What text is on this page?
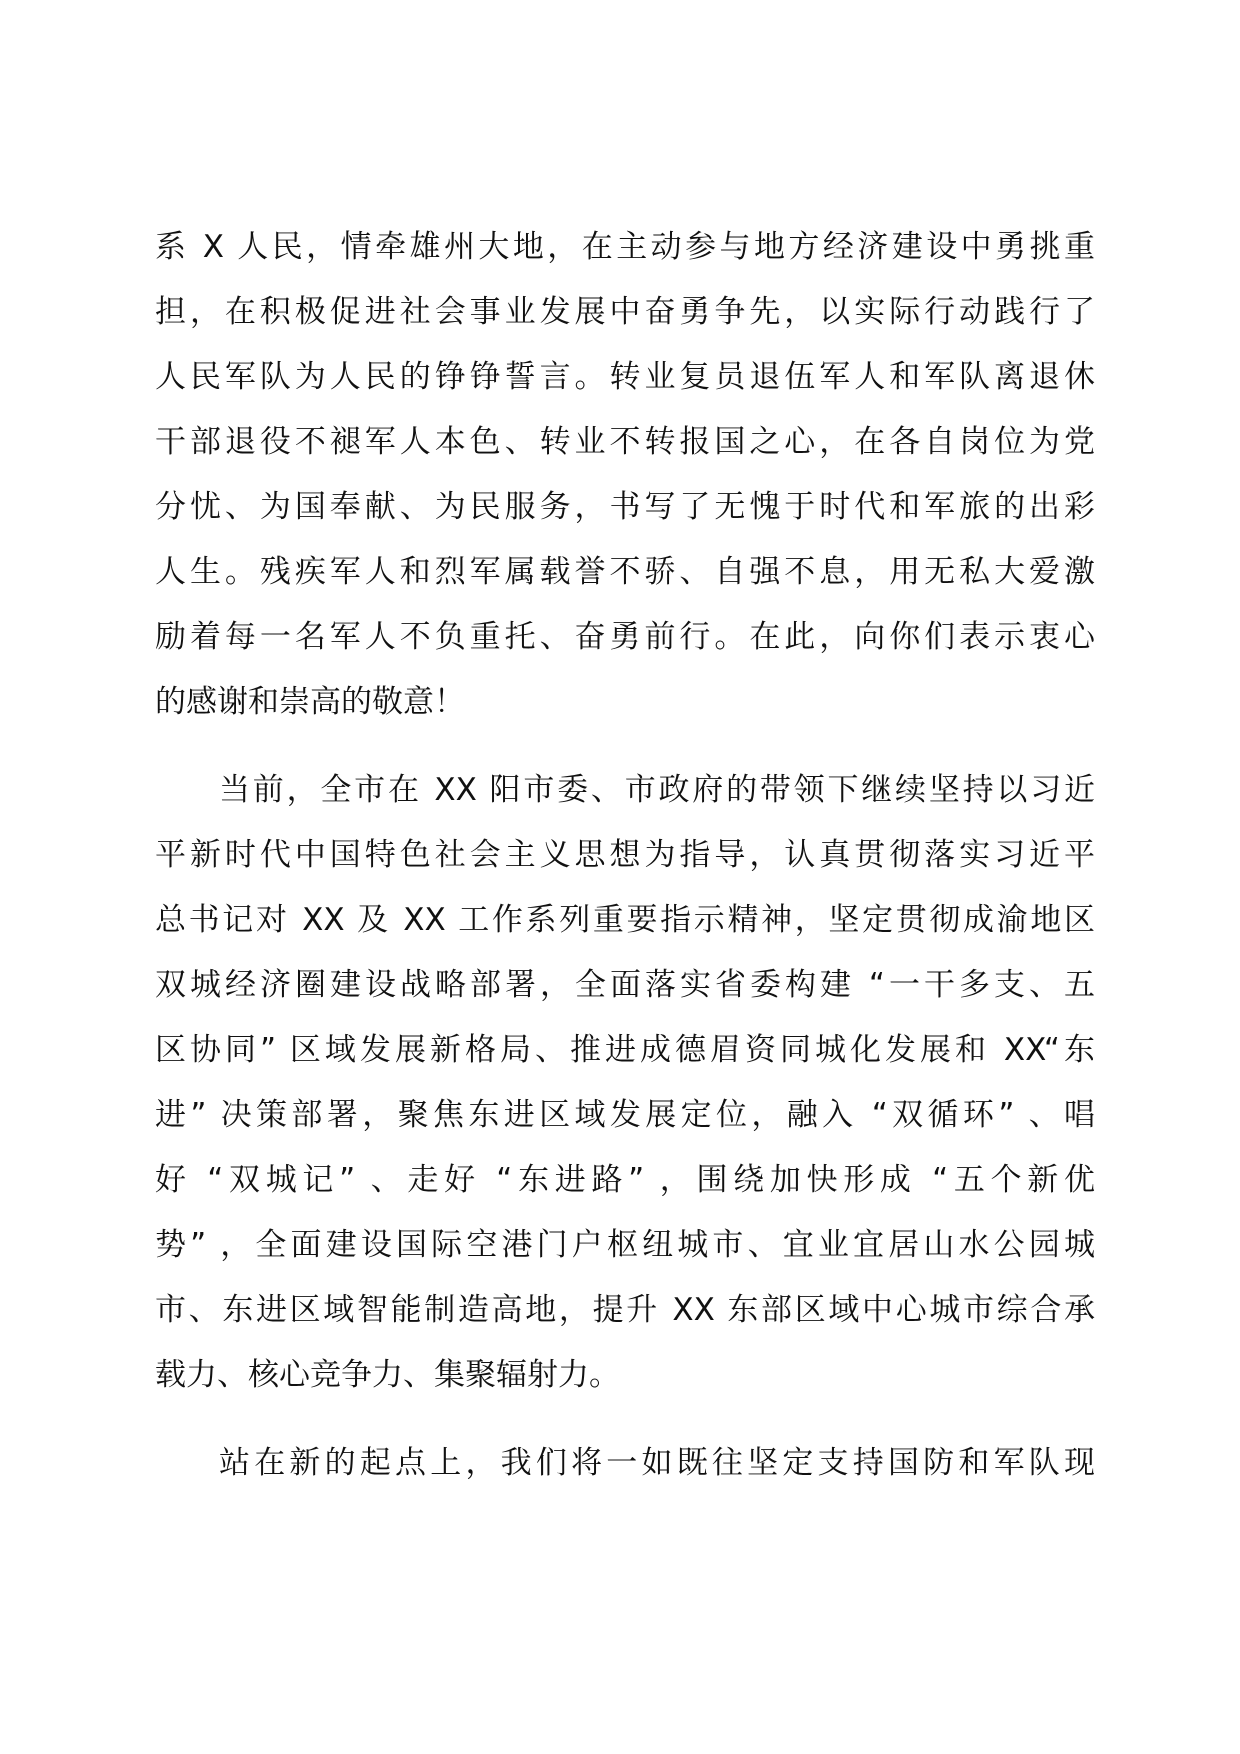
系 X 人民，情牵雄州大地，在主动参与地方经济建设中勇挑重
担，在积极促进社会事业发展中奋勇争先，以实际行动践行了
人民军队为人民的铮铮誓言。转业复员退伍军人和军队离退休
干部退役不褪军人本色、转业不转报国之心，在各自岗位为党
分忧、为国奉献、为民服务，书写了无愧于时代和军旅的出彩
人生。残疾军人和烈军属载誉不骄、自强不息，用无私大爱激
励着每一名军人不负重托、奋勇前行。在此，向你们表示衷心
的感谢和崇高的敬意！
当前，全市在 XX 阳市委、市政府的带领下继续坚持以习近
平新时代中国特色社会主义思想为指导，认真贯彻落实习近平
总书记对 XX 及 XX 工作系列重要指示精神，坚定贯彻成渝地区
双城经济圈建设战略部署，全面落实省委构建 “一干多支、五
区协同” 区域发展新格局、推进成德眉资同城化发展和 XX“东
进” 决策部署，聚焦东进区域发展定位，融入 “双循环” 、唱
好 “双城记” 、走好 “东进路” ，围绕加快形成 “五个新优
势” ，全面建设国际空港门户枢纽城市、宜业宜居山水公园城
市、东进区域智能制造高地，提升 XX 东部区域中心城市综合承
载力、核心竞争力、集聚辐射力。
站在新的起点上，我们将一如既往坚定支持国防和军队现
